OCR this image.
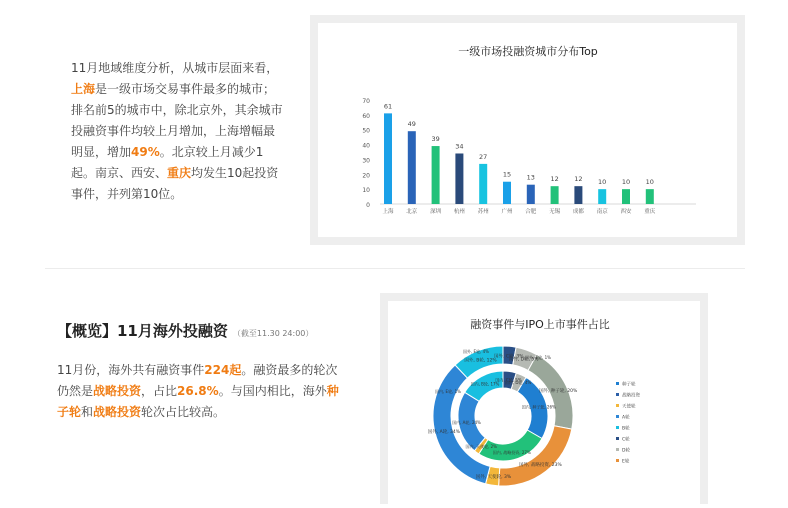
11月地域维度分析，从城市层面来看，上海是一级市场交易事件最多的城市；排名前5的城市中，除北京外，其余城市投融资事件均较上月增加，上海增幅最明显，增加49%。北京较上月减少1起。南京、西安、重庆均发生10起投资事件，并列第10位。
一级市场投融资城市分布Top
0
10
20
30
40
50
60
70
61
上海
49
北京
39
深圳
34
杭州
27
苏州
15
广州
13
合肥
12
无锡
12
成都
10
南京
10
西安
10
重庆
【概览】11月海外投融资 （截至11.30 24:00）
11月份，海外共有融资事件224起。融资最多的轮次仍然是战略投资，占比26.8%。与国内相比，海外种子轮和战略投资轮次占比较高。
融资事件与IPO上市事件占比
国外, C轮, 3%
国外, D轮, 5%
国外, 种子轮, 20%
国外, 战略投资, 23%
国外, 天使轮, 3%
国外, A轮, 34%
国外, B轮, 12%
国内, C轮, 5%
国内, D轮, 4%
国内, 种子轮, 26%
国内, 战略投资, 27%
国内, 天使轮, 2%
国内, A轮, 24%
国内, B轮, 17%
国外, E轮, 1%
国外, E轮, 4%
国内, E轮, 1%
种子轮
战略投资
天使轮
A轮
B轮
C轮
D轮
E轮
